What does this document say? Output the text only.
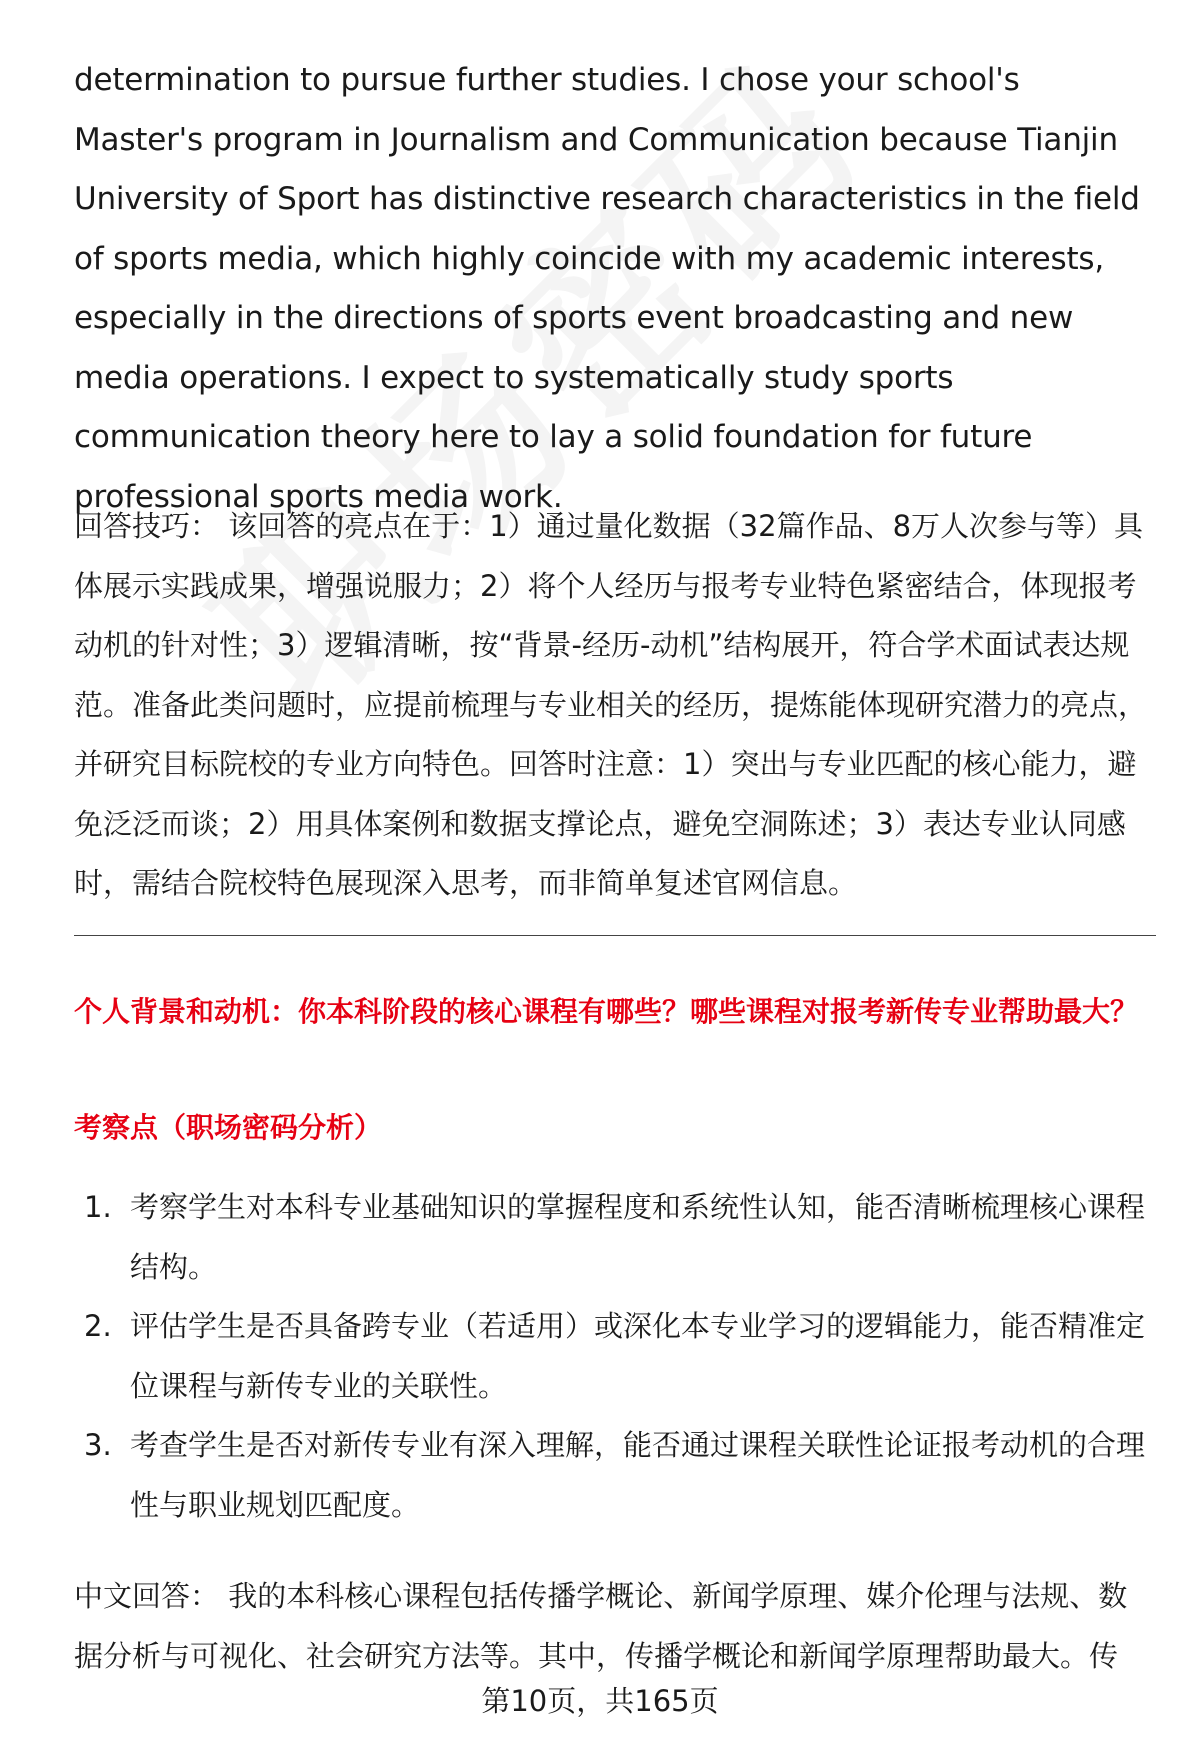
determination to pursue further studies. I chose your school's Master's program in Journalism and Communication because Tianjin University of Sport has distinctive research characteristics in the field of sports media, which highly coincide with my academic interests, especially in the directions of sports event broadcasting and new media operations. I expect to systematically study sports communication theory here to lay a solid foundation for future professional sports media work.

回答技巧： 该回答的亮点在于：1）通过量化数据（32篇作品、8万人次参与等）具体展示实践成果，增强说服力；2）将个人经历与报考专业特色紧密结合，体现报考动机的针对性；3）逻辑清晰，按“背景-经历-动机”结构展开，符合学术面试表达规范。准备此类问题时，应提前梳理与专业相关的经历，提炼能体现研究潜力的亮点，并研究目标院校的专业方向特色。回答时注意：1）突出与专业匹配的核心能力，避免泛泛而谈；2）用具体案例和数据支撑论点，避免空洞陈述；3）表达专业认同感时，需结合院校特色展现深入思考，而非简单复述官网信息。

个人背景和动机：你本科阶段的核心课程有哪些？哪些课程对报考新传专业帮助最大？

考察点（职场密码分析）

1. 考察学生对本科专业基础知识的掌握程度和系统性认知，能否清晰梳理核心课程结构。
2. 评估学生是否具备跨专业（若适用）或深化本专业学习的逻辑能力，能否精准定位课程与新传专业的关联性。
3. 考查学生是否对新传专业有深入理解，能否通过课程关联性论证报考动机的合理性与职业规划匹配度。

中文回答： 我的本科核心课程包括传播学概论、新闻学原理、媒介伦理与法规、数据分析与可视化、社会研究方法等。其中，传播学概论和新闻学原理帮助最大。传

第10页，共165页
